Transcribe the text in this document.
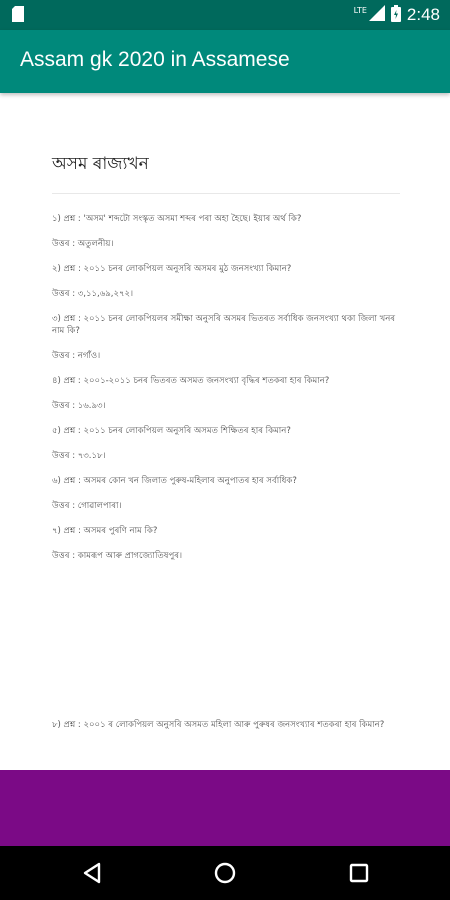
LTE 2:48
Assam gk 2020 in Assamese
অসম ৰাজ্যখন
১) প্ৰশ্ন : 'অসম' শব্দটো সংস্কৃত অসমা শব্দৰ পৰা অহা হৈছে। ইয়াৰ অৰ্থ কি?
উত্তৰ : অতুলনীয়।
২) প্ৰশ্ন : ২০১১ চনৰ লোকপিয়ল অনুসৰি অসমৰ মুঠ জনসংখ্যা কিমান?
উত্তৰ : ৩,১১,৬৯,২৭২।
৩) প্ৰশ্ন : ২০১১ চনৰ লোকপিয়লৰ সমীক্ষা অনুসৰি অসমৰ ভিতৰত সৰ্বাধিক জনসংখ্যা থকা জিলা খনৰ নাম কি?
উত্তৰ : নগাঁও।
৪) প্ৰশ্ন : ২০০১-২০১১ চনৰ ভিতৰত অসমত জনসংখ্যা বৃদ্ধিৰ শতকৰা হাৰ কিমান?
উত্তৰ : ১৬.৯৩।
৫) প্ৰশ্ন : ২০১১ চনৰ লোকপিয়ল অনুসৰি অসমত শিক্ষিতৰ হাৰ কিমান?
উত্তৰ : ৭৩.১৮।
৬) প্ৰশ্ন : অসমৰ কোন খন জিলাত পুৰুষ-মহিলাৰ অনুপাতৰ হাৰ সৰ্বাধিক?
উত্তৰ : গোৱালপাৰা।
৭) প্ৰশ্ন : অসমৰ পুৰণি নাম কি?
উত্তৰ : কামৰূপ আৰু প্ৰাগজ্যোতিষপুৰ।
৮) প্ৰশ্ন : ২০০১ ৰ লোকপিয়ল অনুসৰি অসমত মহিলা আৰু পুৰুষৰ জনসংখ্যাৰ শতকৰা হাৰ কিমান?
